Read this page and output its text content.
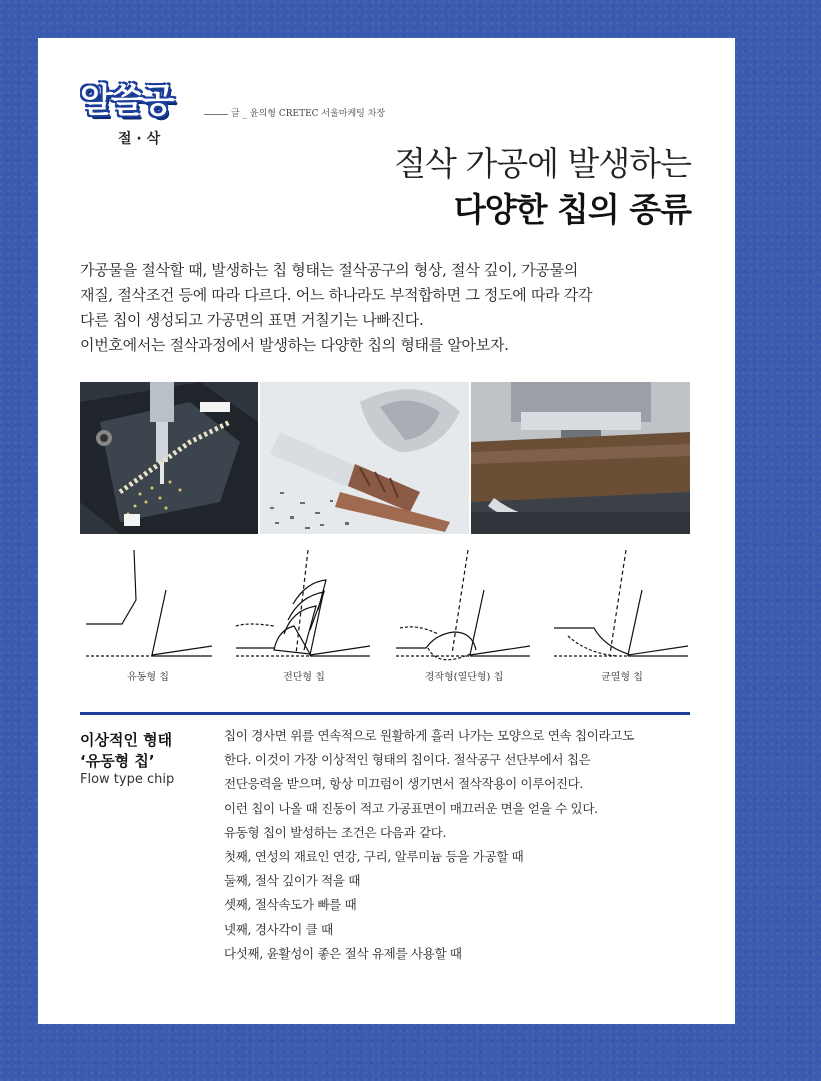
알쓸공
절 · 삭
글 _ 윤의형 CRETEC 서울마케팅 차장
절삭 가공에 발생하는
다양한 칩의 종류

가공물을 절삭할 때, 발생하는 칩 형태는 절삭공구의 형상, 절삭 깊이, 가공물의

재질, 절삭조건 등에 따라 다르다. 어느 하나라도 부적합하면 그 정도에 따라 각각

다른 칩이 생성되고 가공면의 표면 거칠기는 나빠진다.

이번호에서는 절삭과정에서 발생하는 다양한 칩의 형태를 알아보자.

유동형 칩	전단형 칩	경작형(열단형) 칩	균열형 칩
이상적인 형태
‘유동형 칩’
Flow type chip

칩이 경사면 위를 연속적으로 원활하게 흘러 나가는 모양으로 연속 칩이라고도

한다. 이것이 가장 이상적인 형태의 칩이다. 절삭공구 선단부에서 칩은

전단응력을 받으며, 항상 미끄럼이 생기면서 절삭작용이 이루어진다.

이런 칩이 나올 때 진동이 적고 가공표면이 매끄러운 면을 얻을 수 있다.

유동형 칩이 발성하는 조건은 다음과 같다.

첫째, 연성의 재료인 연강, 구리, 알루미늄 등을 가공할 때

둘째, 절삭 깊이가 적을 때

셋째, 절삭속도가 빠를 때

넷째, 경사각이 클 때

다섯째, 윤활성이 좋은 절삭 유제를 사용할 때
